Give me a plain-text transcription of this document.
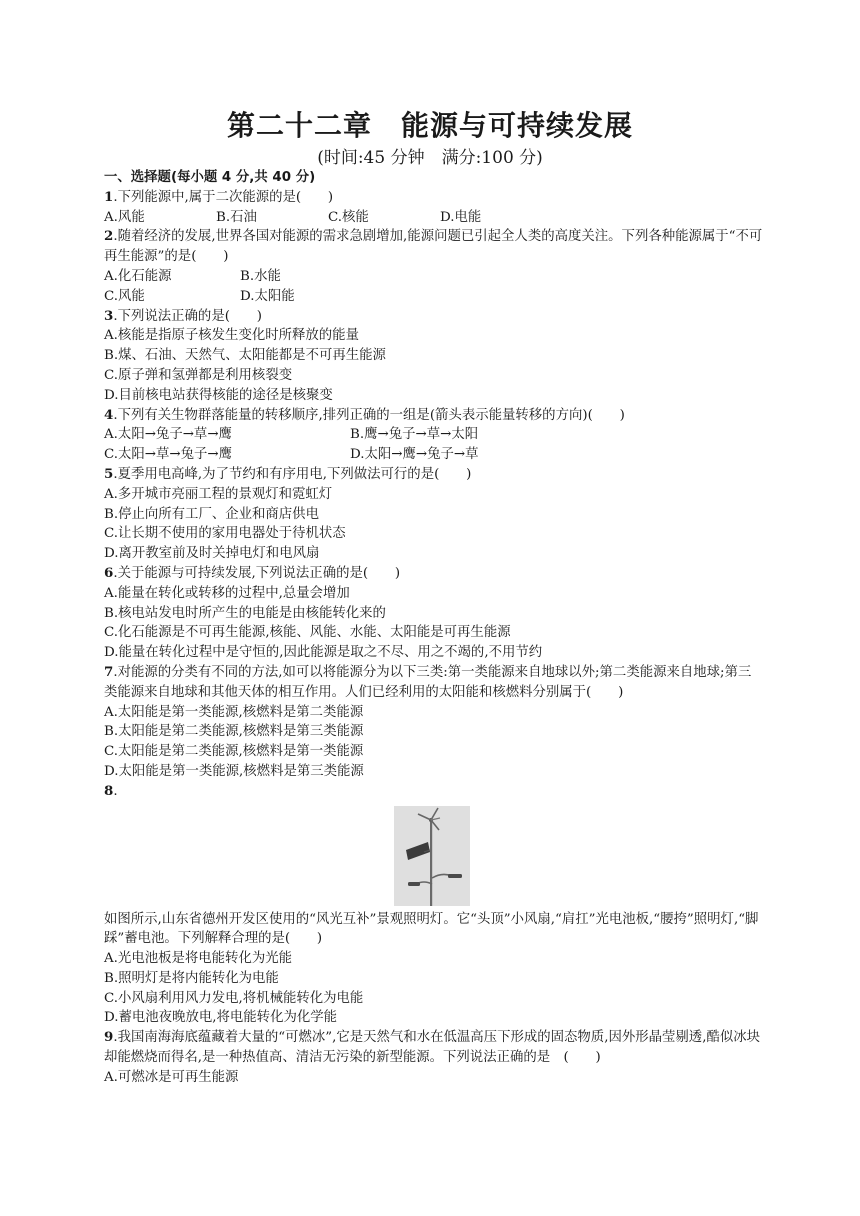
第二十二章　能源与可持续发展
(时间:45 分钟　满分:100 分)
一、选择题(每小题 4 分,共 40 分)
1.下列能源中,属于二次能源的是(　　)
A.风能	B.石油	C.核能	D.电能
2.随着经济的发展,世界各国对能源的需求急剧增加,能源问题已引起全人类的高度关注。下列各种能源属于“不可再生能源”的是(　　)
A.化石能源	B.水能
C.风能	D.太阳能
3.下列说法正确的是(　　)
A.核能是指原子核发生变化时所释放的能量
B.煤、石油、天然气、太阳能都是不可再生能源
C.原子弹和氢弹都是利用核裂变
D.目前核电站获得核能的途径是核聚变
4.下列有关生物群落能量的转移顺序,排列正确的一组是(箭头表示能量转移的方向)(　　)
A.太阳→兔子→草→鹰	B.鹰→兔子→草→太阳
C.太阳→草→兔子→鹰	D.太阳→鹰→兔子→草
5.夏季用电高峰,为了节约和有序用电,下列做法可行的是(　　)
A.多开城市亮丽工程的景观灯和霓虹灯
B.停止向所有工厂、企业和商店供电
C.让长期不使用的家用电器处于待机状态
D.离开教室前及时关掉电灯和电风扇
6.关于能源与可持续发展,下列说法正确的是(　　)
A.能量在转化或转移的过程中,总量会增加
B.核电站发电时所产生的电能是由核能转化来的
C.化石能源是不可再生能源,核能、风能、水能、太阳能是可再生能源
D.能量在转化过程中是守恒的,因此能源是取之不尽、用之不竭的,不用节约
7.对能源的分类有不同的方法,如可以将能源分为以下三类:第一类能源来自地球以外;第二类能源来自地球;第三类能源来自地球和其他天体的相互作用。人们已经利用的太阳能和核燃料分别属于(　　)
A.太阳能是第一类能源,核燃料是第二类能源
B.太阳能是第二类能源,核燃料是第三类能源
C.太阳能是第二类能源,核燃料是第一类能源
D.太阳能是第一类能源,核燃料是第三类能源
8.
如图所示,山东省德州开发区使用的“风光互补”景观照明灯。它“头顶”小风扇,“肩扛”光电池板,“腰挎”照明灯,“脚踩”蓄电池。下列解释合理的是(　　)
A.光电池板是将电能转化为光能
B.照明灯是将内能转化为电能
C.小风扇利用风力发电,将机械能转化为电能
D.蓄电池夜晚放电,将电能转化为化学能
9.我国南海海底蕴藏着大量的“可燃冰”,它是天然气和水在低温高压下形成的固态物质,因外形晶莹剔透,酷似冰块却能燃烧而得名,是一种热值高、清洁无污染的新型能源。下列说法正确的是　(　　)
A.可燃冰是可再生能源
